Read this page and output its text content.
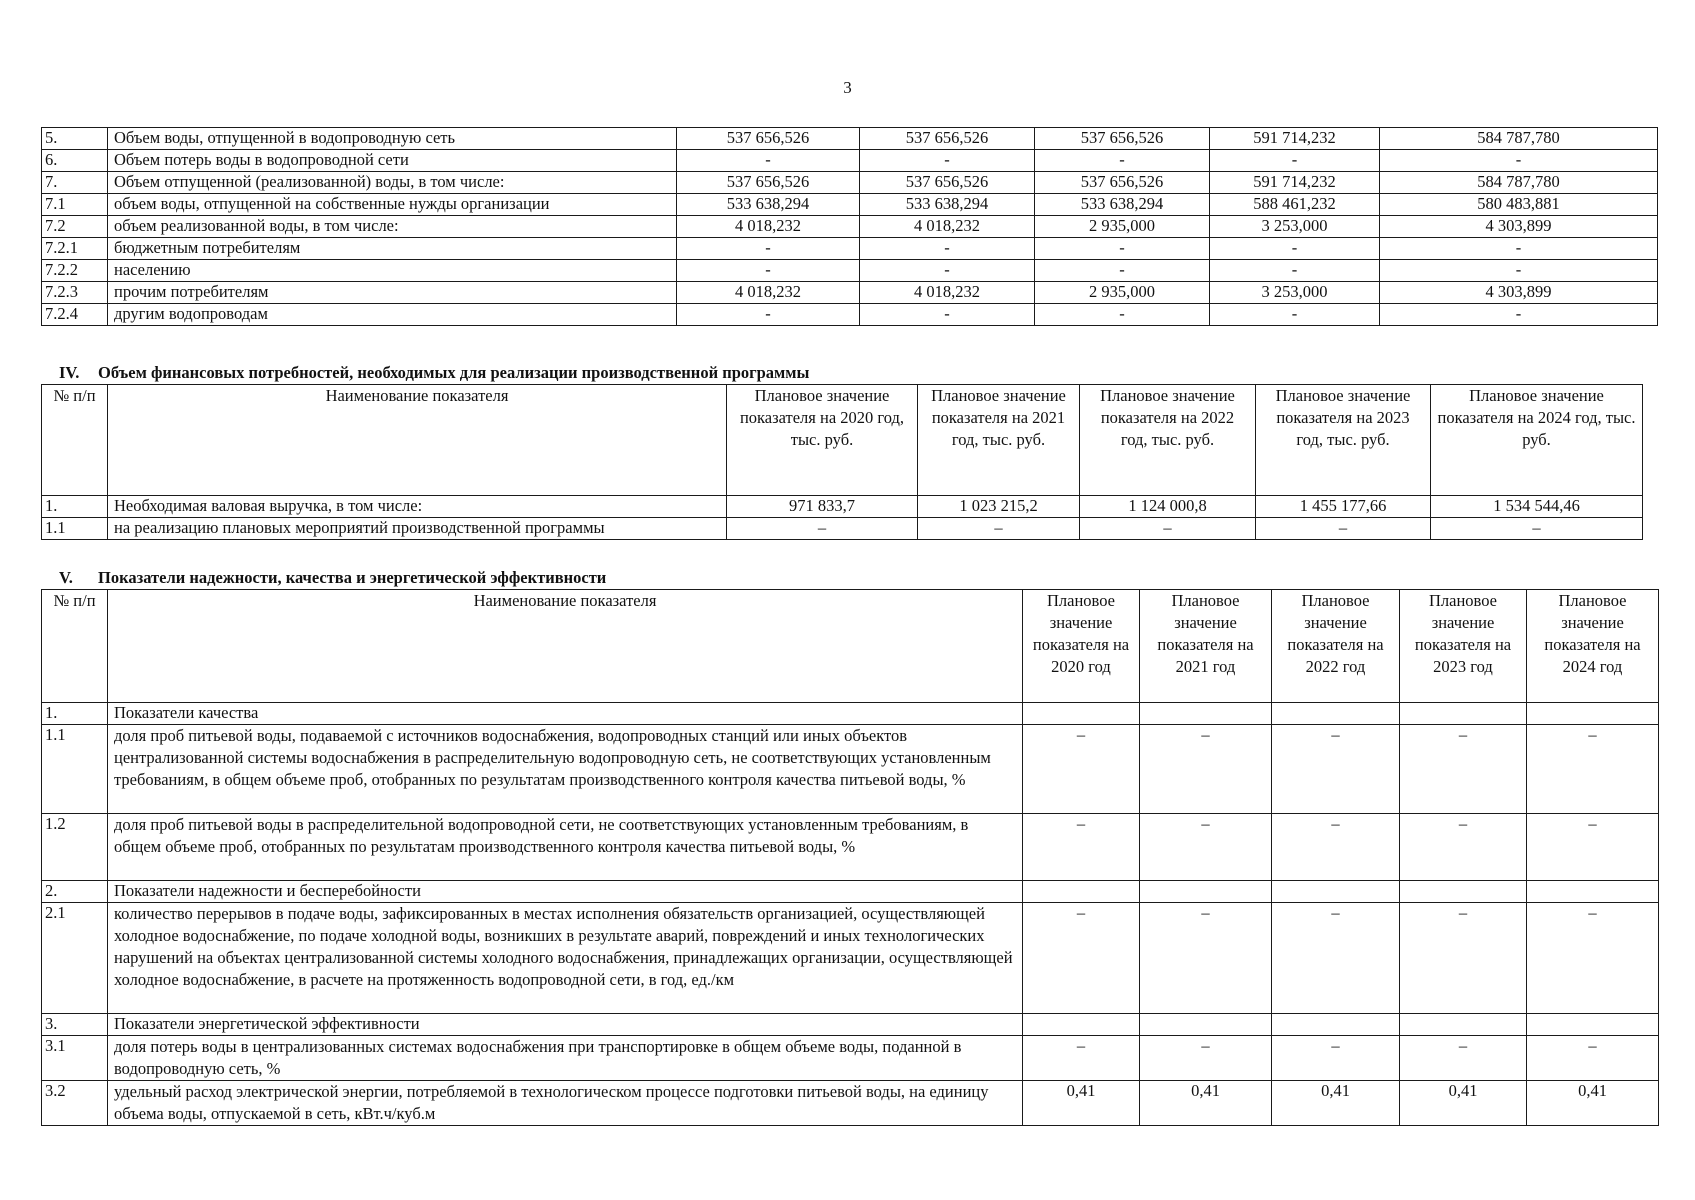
3
5.	Объем воды, отпущенной в водопроводную сеть	537 656,526	537 656,526	537 656,526	591 714,232	584 787,780
6.	Объем потерь воды в водопроводной сети	-	-	-	-	-
7.	Объем отпущенной (реализованной) воды, в том числе:	537 656,526	537 656,526	537 656,526	591 714,232	584 787,780
7.1	объем воды, отпущенной на собственные нужды организации	533 638,294	533 638,294	533 638,294	588 461,232	580 483,881
7.2	объем реализованной воды, в том числе:	4 018,232	4 018,232	2 935,000	3 253,000	4 303,899
7.2.1	бюджетным потребителям	-	-	-	-	-
7.2.2	населению	-	-	-	-	-
7.2.3	прочим потребителям	4 018,232	4 018,232	2 935,000	3 253,000	4 303,899
7.2.4	другим водопроводам	-	-	-	-	-
IV. Объем финансовых потребностей, необходимых для реализации производственной программы
№ п/п	Наименование показателя	Плановое значение показателя на 2020 год, тыс. руб.	Плановое значение показателя на 2021 год, тыс. руб.	Плановое значение показателя на 2022 год, тыс. руб.	Плановое значение показателя на 2023 год, тыс. руб.	Плановое значение показателя на 2024 год, тыс. руб.
1.	Необходимая валовая выручка, в том числе:	971 833,7	1 023 215,2	1 124 000,8	1 455 177,66	1 534 544,46
1.1	на реализацию плановых мероприятий производственной программы	–	–	–	–	–
V. Показатели надежности, качества и энергетической эффективности
№ п/п	Наименование показателя	Плановое значение показателя на 2020 год	Плановое значение показателя на 2021 год	Плановое значение показателя на 2022 год	Плановое значение показателя на 2023 год	Плановое значение показателя на 2024 год
1.	Показатели качества					
1.1	доля проб питьевой воды, подаваемой с источников водоснабжения, водопроводных станций или иных объектов централизованной системы водоснабжения в распределительную водопроводную сеть, не соответствующих установленным требованиям, в общем объеме проб, отобранных по результатам производственного контроля качества питьевой воды, %	–	–	–	–	–
1.2	доля проб питьевой воды в распределительной водопроводной сети, не соответствующих установленным требованиям, в общем объеме проб, отобранных по результатам производственного контроля качества питьевой воды, %	–	–	–	–	–
2.	Показатели надежности и бесперебойности					
2.1	количество перерывов в подаче воды, зафиксированных в местах исполнения обязательств организацией, осуществляющей холодное водоснабжение, по подаче холодной воды, возникших в результате аварий, повреждений и иных технологических нарушений на объектах централизованной системы холодного водоснабжения, принадлежащих организации, осуществляющей холодное водоснабжение, в расчете на протяженность водопроводной сети, в год, ед./км	–	–	–	–	–
3.	Показатели энергетической эффективности					
3.1	доля потерь воды в централизованных системах водоснабжения при транспортировке в общем объеме воды, поданной в водопроводную сеть, %	–	–	–	–	–
3.2	удельный расход электрической энергии, потребляемой в технологическом процессе подготовки питьевой воды, на единицу объема воды, отпускаемой в сеть, кВт.ч/куб.м	0,41	0,41	0,41	0,41	0,41
